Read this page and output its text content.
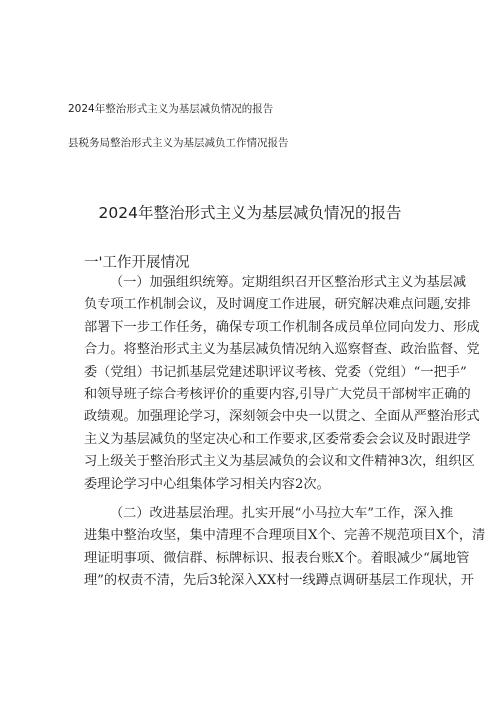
2024年整治形式主义为基层减负情况的报告
县税务局整治形式主义为基层减负工作情况报告
2024年整治形式主义为基层减负情况的报告
一'工作开展情况
（一）加强组织统筹。定期组织召开区整治形式主义为基层减
负专项工作机制会议，及时调度工作进展，研究解决难点问题,安排
部署下一步工作任务，确保专项工作机制各成员单位同向发力、形成
合力。将整治形式主义为基层减负情况纳入巡察督查、政治监督、党
委（党组）书记抓基层党建述职评议考核、党委（党组）“一把手”
和领导班子综合考核评价的重要内容,引导广大党员干部树牢正确的
政绩观。加强理论学习，深刻领会中央一以贯之、全面从严整治形式
主义为基层减负的坚定决心和工作要求,区委常委会会议及时跟进学
习上级关于整治形式主义为基层减负的会议和文件精神3次，组织区
委理论学习中心组集体学习相关内容2次。
（二）改进基层治理。扎实开展“小马拉大车”工作，深入推
进集中整治攻坚，集中清理不合理项目X个、完善不规范项目X个，清
理证明事项、微信群、标牌标识、报表台账X个。着眼减少“属地管
理”的权责不清，先后3轮深入XX村一线蹲点调研基层工作现状，开
